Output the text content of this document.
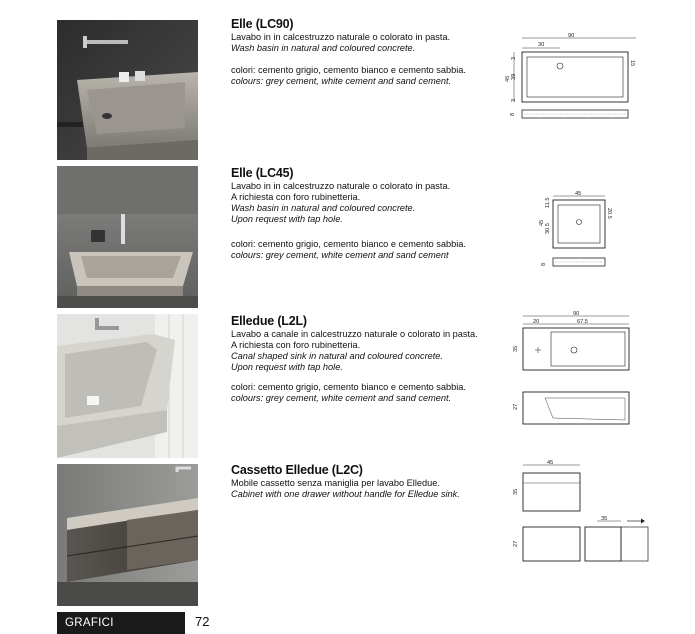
Elle (LC90)

Lavabo in in calcestruzzo naturale o colorato in pasta.

Wash basin in natural and coloured concrete.

colori: cemento grigio, cemento bianco e cemento sabbia.

colours: grey cement, white cement and sand cement.

Elle (LC45)

Lavabo in in calcestruzzo naturale o colorato in pasta.

A richiesta con foro rubinetteria.

Wash basin in natural and coloured concrete.

Upon request with tap hole.

colori: cemento grigio, cemento bianco e cemento sabbia.

colours: grey cement, white cement and sand cement

Elledue (L2L)

Lavabo a canale in calcestruzzo naturale o colorato in pasta.

A richiesta con foro rubinetteria.

Canal shaped sink in natural and coloured concrete.

Upon request with tap hole.

colori: cemento grigio, cemento bianco e cemento sabbia.

colours: grey cement, white cement and sand cement.

Cassetto Elledue (L2C)

Mobile cassetto senza maniglia per lavabo Elledue.

Cabinet with one drawer without handle for Elledue sink.

90
30
45
3
39
3
15
8
45
45
11.5
30.5
20.5
8
90
20	67.5
35
27
45
35
27
35
GRAFICI	72
